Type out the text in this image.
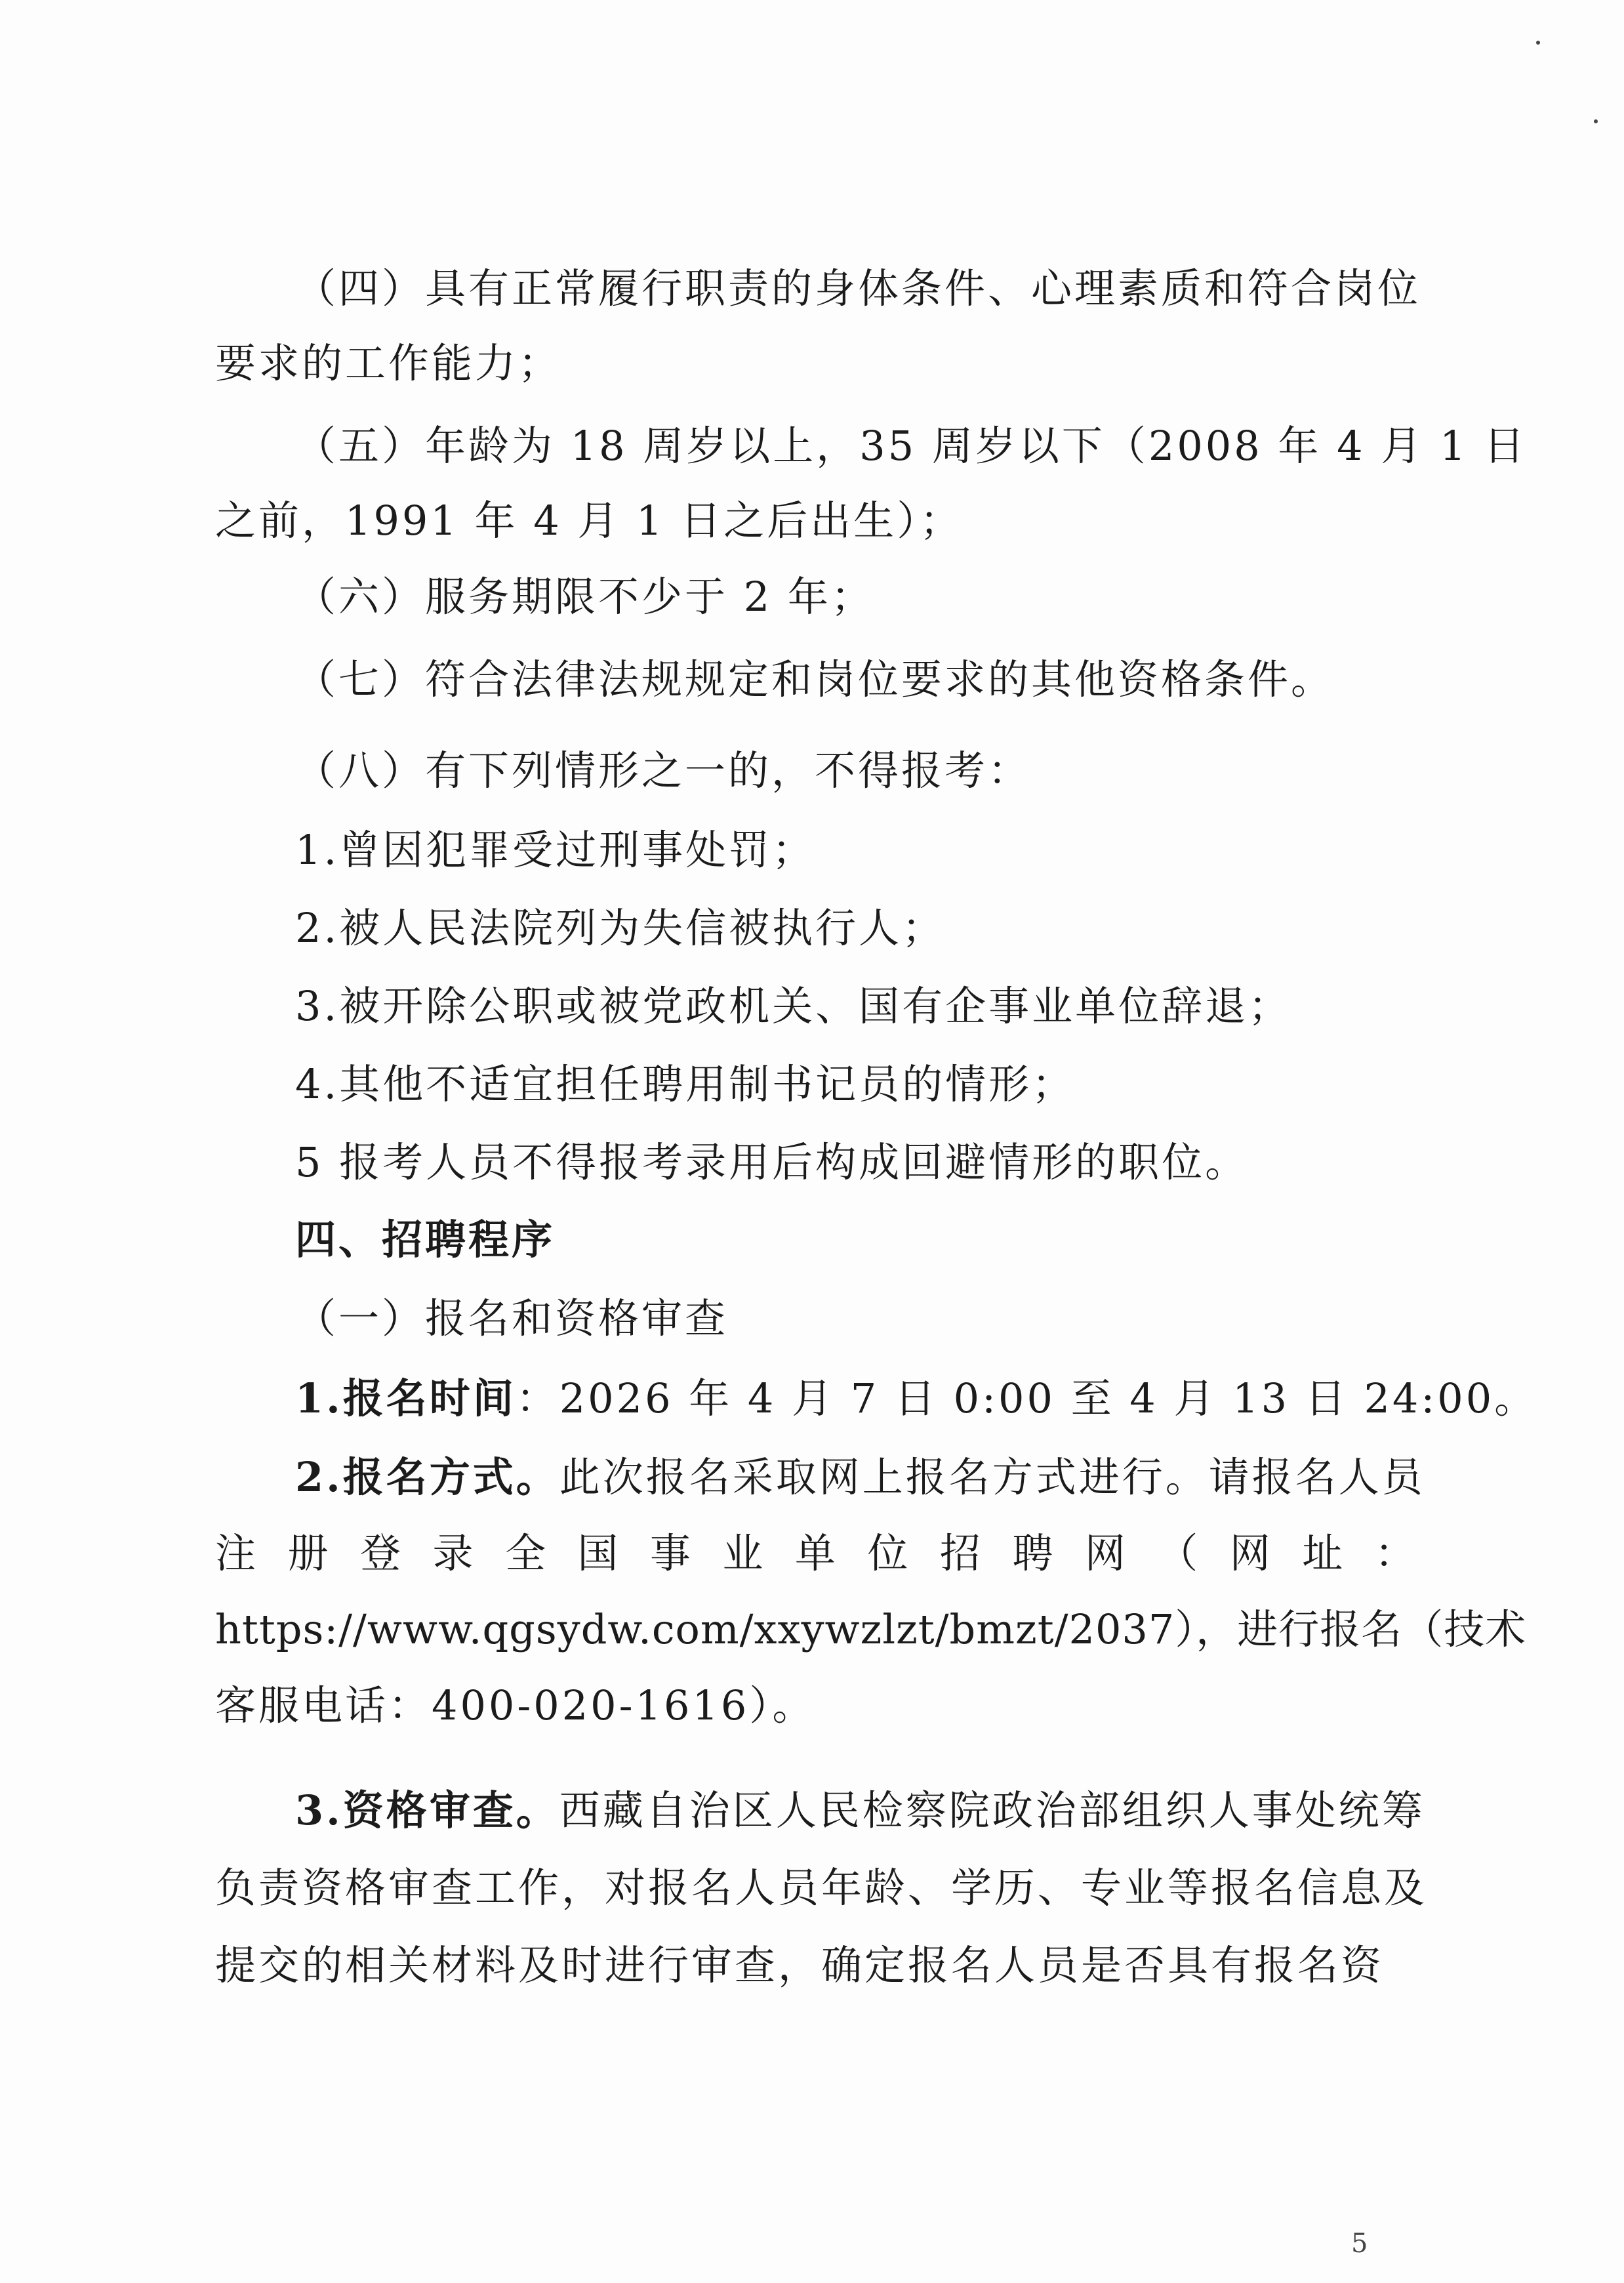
（四）具有正常履行职责的身体条件、心理素质和符合岗位
要求的工作能力；
（五）年龄为 18 周岁以上，35 周岁以下（2008 年 4 月 1 日
之前，1991 年 4 月 1 日之后出生）；
（六）服务期限不少于 2 年；
（七）符合法律法规规定和岗位要求的其他资格条件。
（八）有下列情形之一的，不得报考：
1.曾因犯罪受过刑事处罚；
2.被人民法院列为失信被执行人；
3.被开除公职或被党政机关、国有企事业单位辞退；
4.其他不适宜担任聘用制书记员的情形；
5 报考人员不得报考录用后构成回避情形的职位。
四、招聘程序
（一）报名和资格审查
1.报名时间：2026 年 4 月 7 日 0:00 至 4 月 13 日 24:00。
2.报名方式。此次报名采取网上报名方式进行。请报名人员
注 册 登 录 全 国 事 业 单 位 招 聘 网 （ 网 址 ：
https://www.qgsydw.com/xxywzlzt/bmzt/2037），进行报名（技术
客服电话：400-020-1616）。
3.资格审查。西藏自治区人民检察院政治部组织人事处统筹
负责资格审查工作，对报名人员年龄、学历、专业等报名信息及
提交的相关材料及时进行审查，确定报名人员是否具有报名资
5
